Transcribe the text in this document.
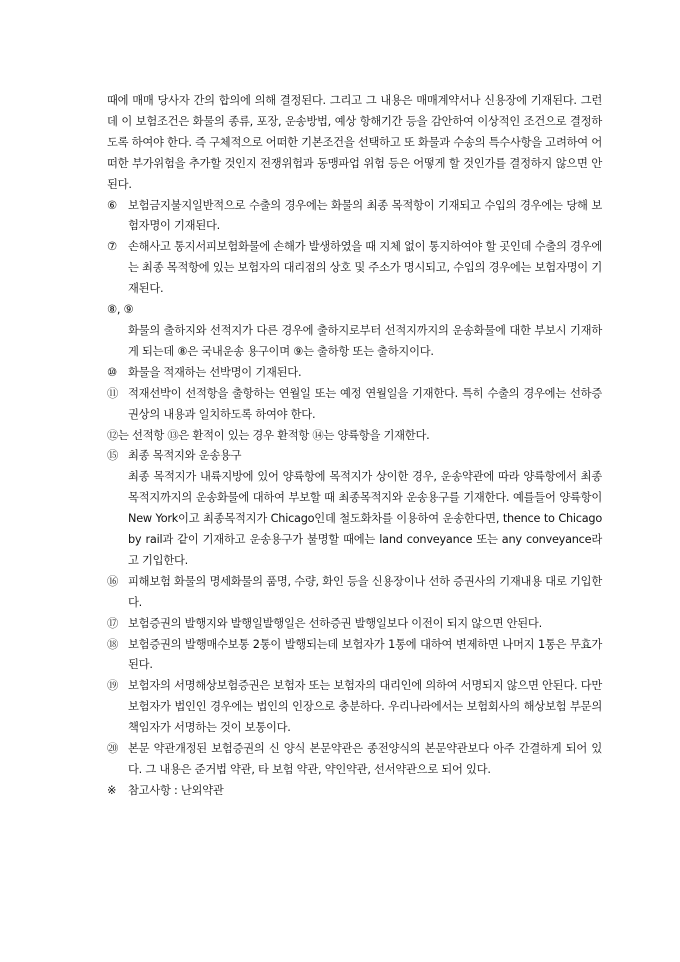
때에 매매 당사자 간의 합의에 의해 결정된다. 그리고 그 내용은 매매계약서나 신용장에 기재된다. 그런데 이 보험조건은 화물의 종류, 포장, 운송방법, 예상 항해기간 등을 감안하여 이상적인 조건으로 결정하도록 하여야 한다. 즉 구체적으로 어떠한 기본조건을 선택하고 또 화물과 수송의 특수사항을 고려하여 어떠한 부가위험을 추가할 것인지 전쟁위험과 동맹파업 위험 등은 어떻게 할 것인가를 결정하지 않으면 안된다.
⑥ 보험금지불지일반적으로 수출의 경우에는 화물의 최종 목적항이 기재되고 수입의 경우에는 당해 보험자명이 기재된다.
⑦ 손해사고 통지서피보험화물에 손해가 발생하였을 때 지체 없이 통지하여야 할 곳인데 수출의 경우에는 최종 목적항에 있는 보험자의 대리점의 상호 및 주소가 명시되고, 수입의 경우에는 보험자명이 기재된다.
⑧, ⑨
화물의 출하지와 선적지가 다른 경우에 출하지로부터 선적지까지의 운송화물에 대한 부보시 기재하게 되는데 ⑧은 국내운송 용구이며 ⑨는 출하항 또는 출하지이다.
⑩ 화물을 적재하는 선박명이 기재된다.
⑪ 적재선박이 선적항을 출항하는 연월일 또는 예정 연월일을 기재한다. 특히 수출의 경우에는 선하증권상의 내용과 일치하도록 하여야 한다.
⑫는 선적항 ⑬은 환적이 있는 경우 환적항 ⑭는 양륙항을 기재한다.
⑮ 최종 목적지와 운송용구
최종 목적지가 내륙지방에 있어 양륙항에 목적지가 상이한 경우, 운송약관에 따라 양륙항에서 최종목적지까지의 운송화물에 대하여 부보할 때 최종목적지와 운송용구를 기재한다. 예를들어 양륙항이 New York이고 최종목적지가 Chicago인데 철도화차를 이용하여 운송한다면, thence to Chicago by rail과 같이 기재하고 운송용구가 불명할 때에는 land conveyance 또는 any conveyance라고 기입한다.
⑯ 피해보험 화물의 명세화물의 품명, 수량, 화인 등을 신용장이나 선하 증권사의 기재내용 대로 기입한다.
⑰ 보험증권의 발행지와 발행일발행일은 선하증권 발행일보다 이전이 되지 않으면 안된다.
⑱ 보험증권의 발행매수보통 2통이 발행되는데 보험자가 1통에 대하여 변제하면 나머지 1통은 무효가 된다.
⑲ 보험자의 서명해상보험증권은 보험자 또는 보험자의 대리인에 의하여 서명되지 않으면 안된다. 다만 보험자가 법인인 경우에는 법인의 인장으로 충분하다. 우리나라에서는 보험회사의 해상보험 부문의 책임자가 서명하는 것이 보통이다.
⑳ 본문 약관개정된 보험증권의 신 양식 본문약관은 종전양식의 본문약관보다 아주 간결하게 되어 있다. 그 내용은 준거법 약관, 타 보험 약관, 약인약관, 선서약관으로 되어 있다.
※	참고사항 : 난외약관
